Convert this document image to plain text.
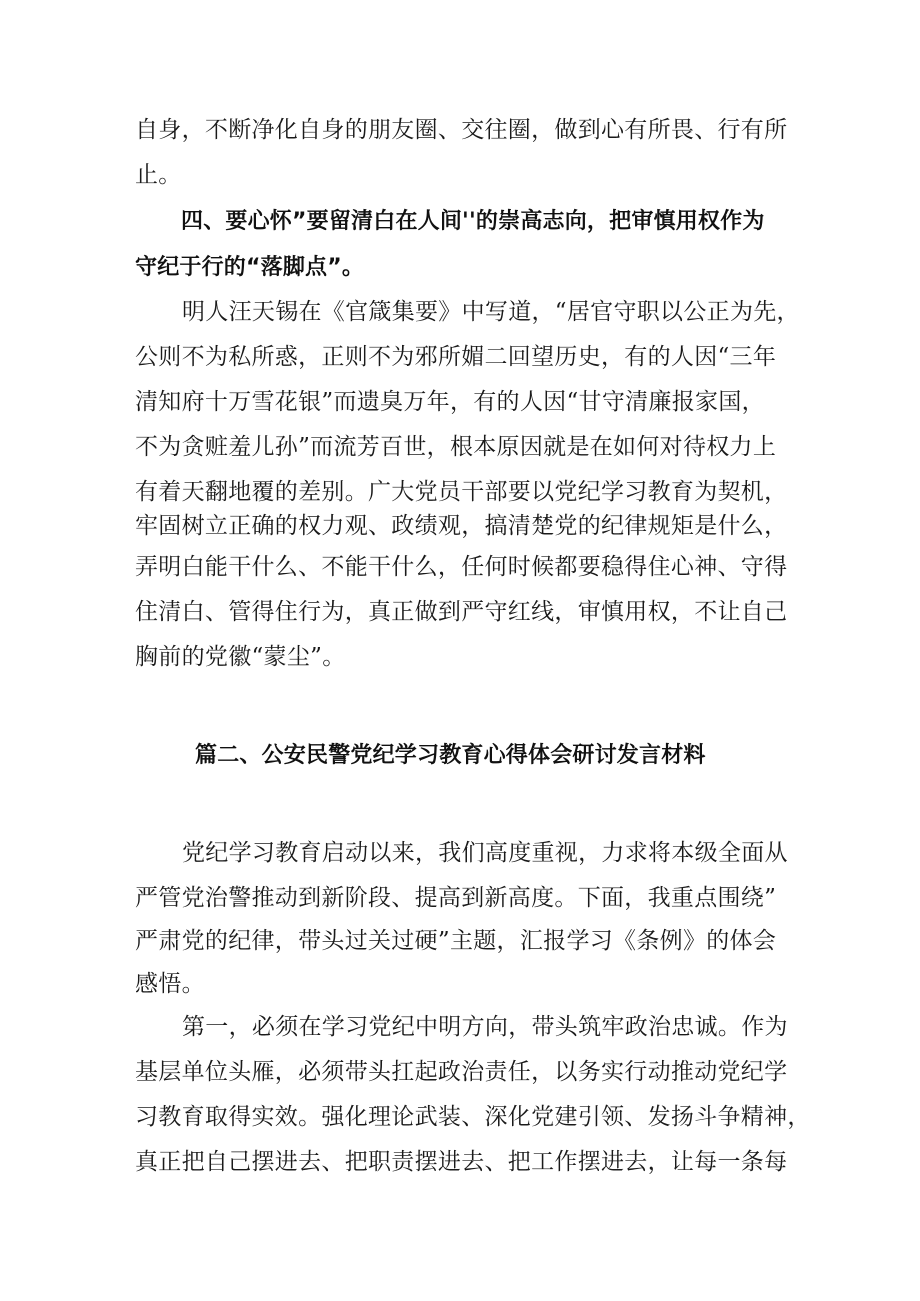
自身，不断净化自身的朋友圈、交往圈，做到心有所畏、行有所
止。
四、要心怀”要留清白在人间''的崇高志向，把审慎用权作为
守纪于行的“落脚点”。
明人汪天锡在《官箴集要》中写道，“居官守职以公正为先，
公则不为私所惑，正则不为邪所媚二回望历史，有的人因“三年
清知府十万雪花银”而遗臭万年，有的人因“甘守清廉报家国，
不为贪赃羞儿孙”而流芳百世，根本原因就是在如何对待权力上
有着天翻地覆的差别。广大党员干部要以党纪学习教育为契机，
牢固树立正确的权力观、政绩观，搞清楚党的纪律规矩是什么，
弄明白能干什么、不能干什么，任何时候都要稳得住心神、守得
住清白、管得住行为，真正做到严守红线，审慎用权，不让自己
胸前的党徽“蒙尘”。
篇二、公安民警党纪学习教育心得体会研讨发言材料
党纪学习教育启动以来，我们高度重视，力求将本级全面从
严管党治警推动到新阶段、提高到新高度。下面，我重点围绕”
严肃党的纪律，带头过关过硬”主题，汇报学习《条例》的体会
感悟。
第一，必须在学习党纪中明方向，带头筑牢政治忠诚。作为
基层单位头雁，必须带头扛起政治责任，以务实行动推动党纪学
习教育取得实效。强化理论武装、深化党建引领、发扬斗争精神，
真正把自己摆进去、把职责摆进去、把工作摆进去，让每一条每
